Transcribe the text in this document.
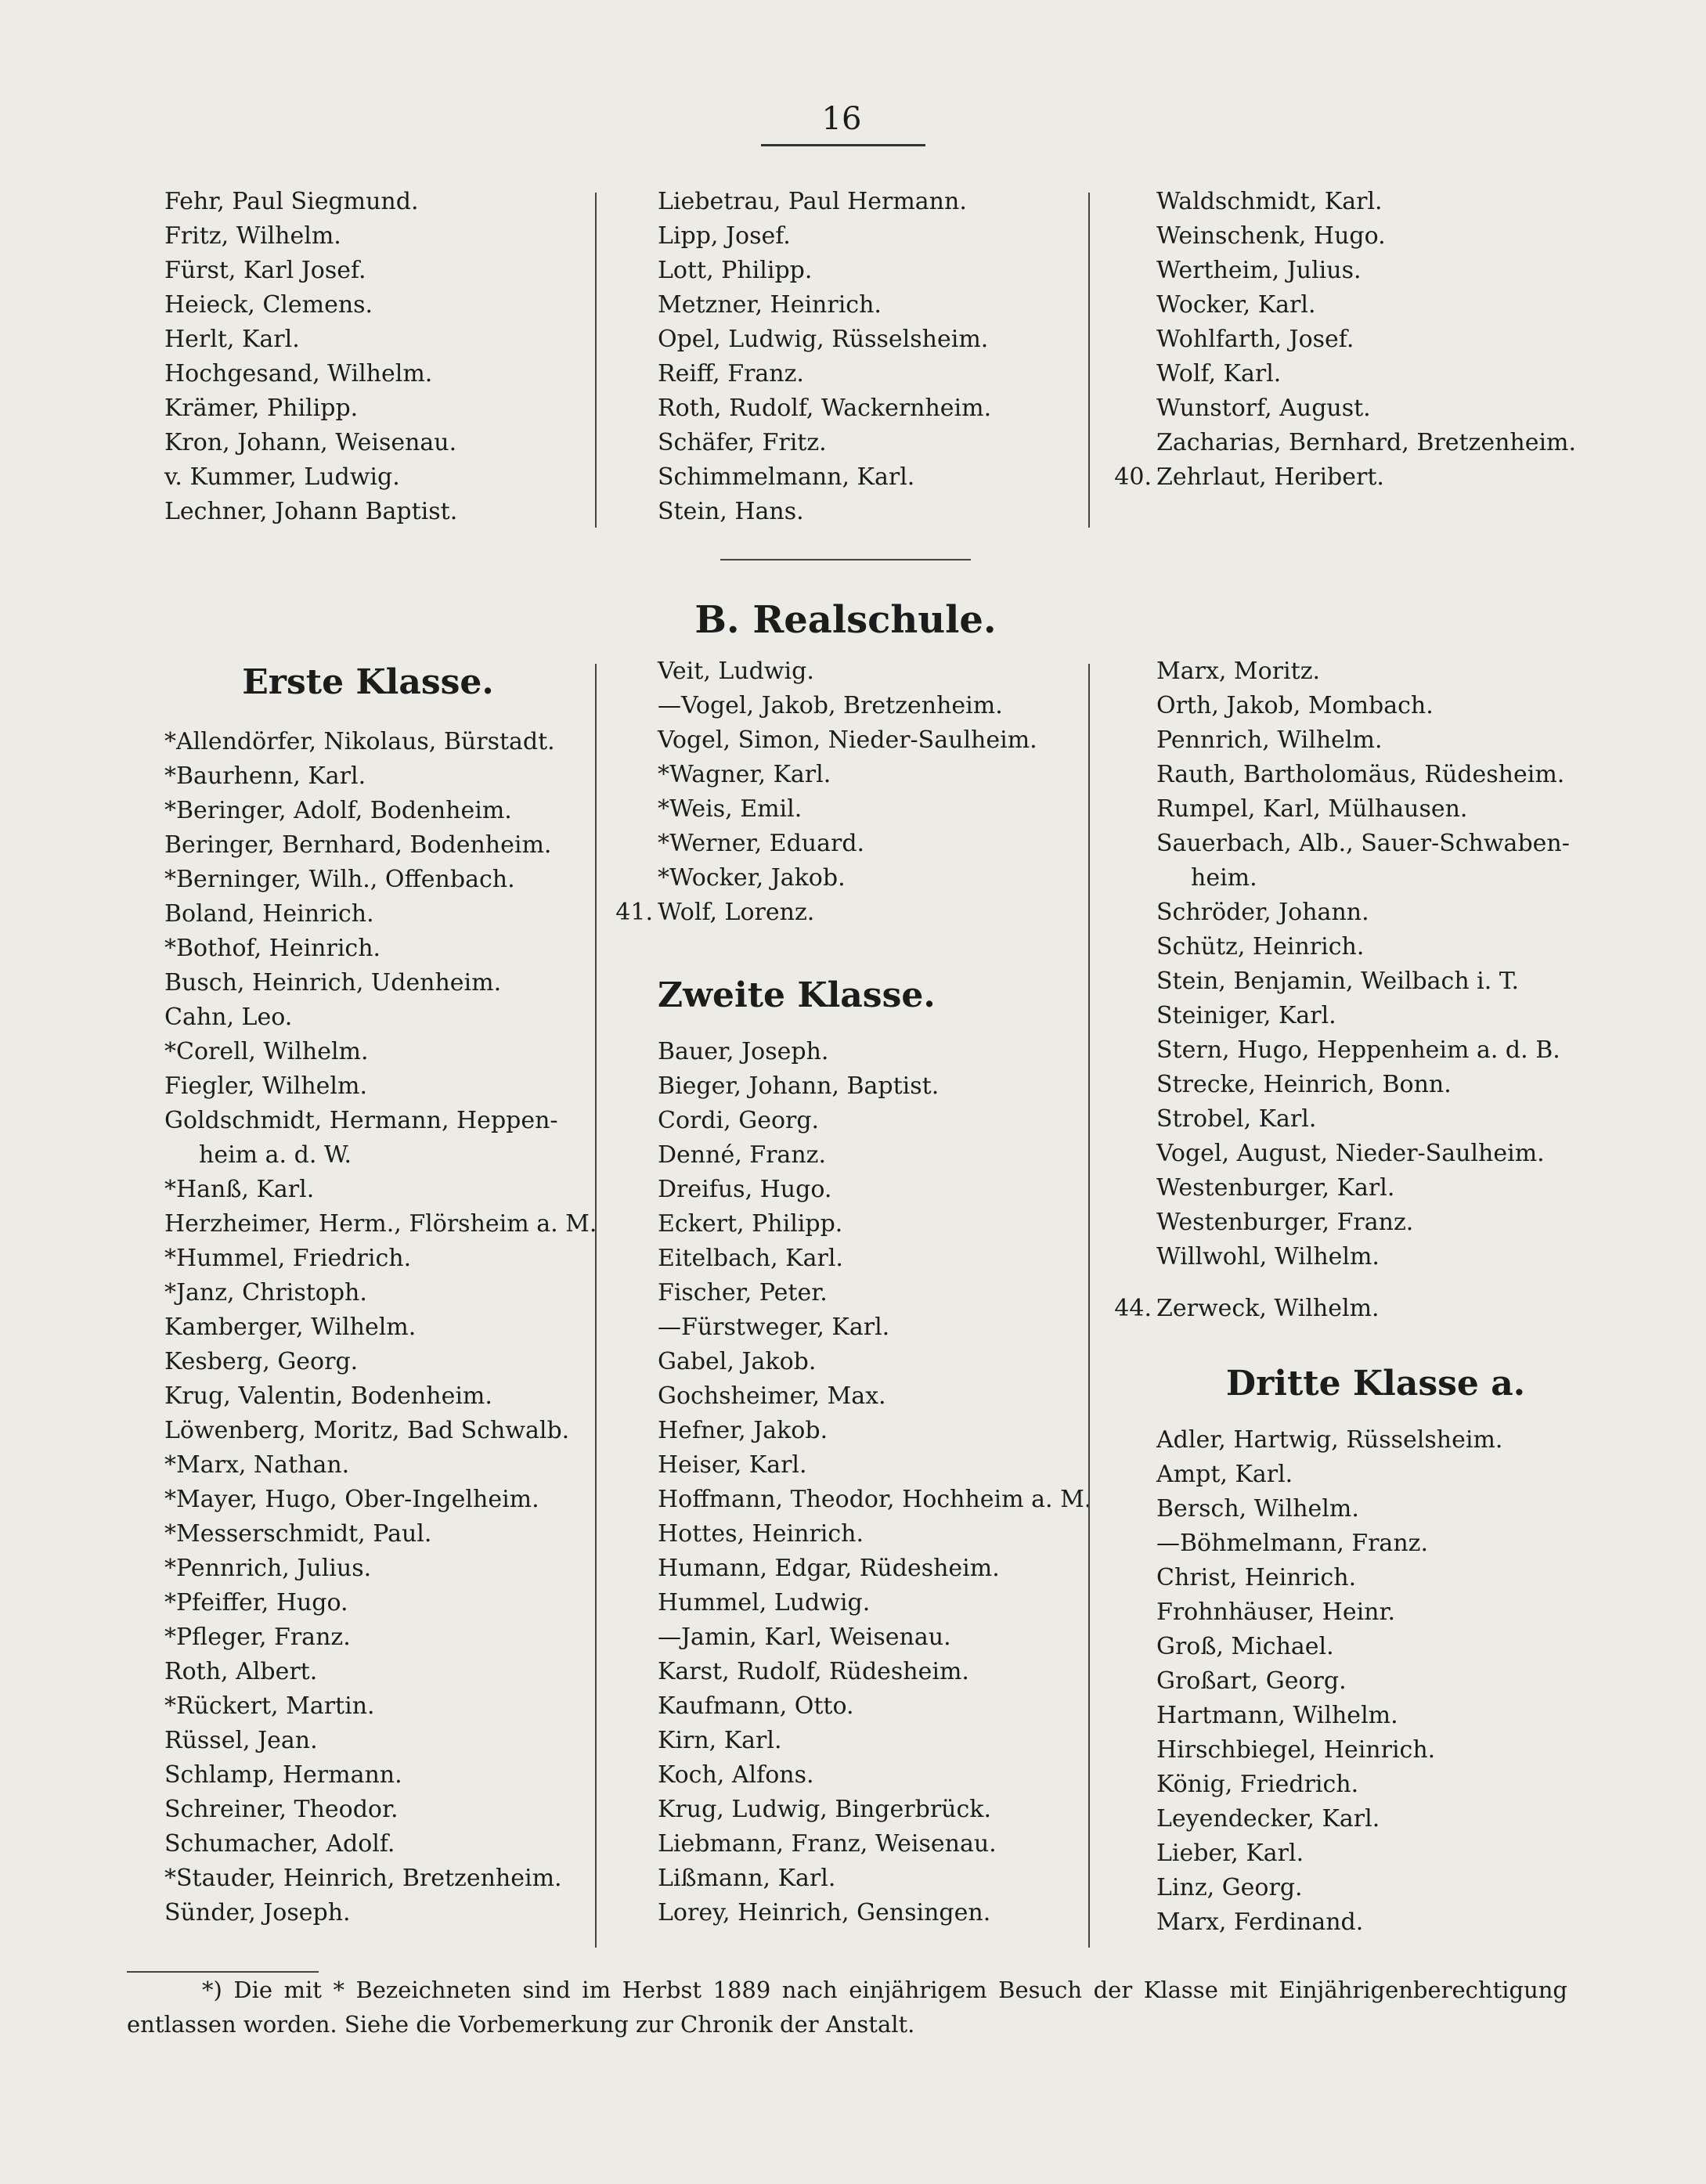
16
Fehr, Paul Siegmund.
Fritz, Wilhelm.
Fürst, Karl Josef.
Heieck, Clemens.
Herlt, Karl.
Hochgesand, Wilhelm.
Krämer, Philipp.
Kron, Johann, Weisenau.
v. Kummer, Ludwig.
Lechner, Johann Baptist.
Liebetrau, Paul Hermann.
Lipp, Josef.
Lott, Philipp.
Metzner, Heinrich.
Opel, Ludwig, Rüsselsheim.
Reiff, Franz.
Roth, Rudolf, Wackernheim.
Schäfer, Fritz.
Schimmelmann, Karl.
Stein, Hans.
40. Zehrlaut, Heribert.
Waldschmidt, Karl.
Weinschenk, Hugo.
Wertheim, Julius.
Wocker, Karl.
Wohlfarth, Josef.
Wolf, Karl.
Wunstorf, August.
Zacharias, Bernhard, Bretzenheim.
B. Realschule.
Erste Klasse.
*Allendörfer, Nikolaus, Bürstadt.
*Baurhenn, Karl.
*Beringer, Adolf, Bodenheim.
Beringer, Bernhard, Bodenheim.
*Berninger, Wilh., Offenbach.
Boland, Heinrich.
*Bothof, Heinrich.
Busch, Heinrich, Udenheim.
Cahn, Leo.
*Corell, Wilhelm.
Fiegler, Wilhelm.
Goldschmidt, Hermann, Heppen-
heim a. d. W.
*Hanß, Karl.
Herzheimer, Herm., Flörsheim a. M.
*Hummel, Friedrich.
*Janz, Christoph.
Kamberger, Wilhelm.
Kesberg, Georg.
Krug, Valentin, Bodenheim.
Löwenberg, Moritz, Bad Schwalb.
*Marx, Nathan.
*Mayer, Hugo, Ober-Ingelheim.
*Messerschmidt, Paul.
*Pennrich, Julius.
*Pfeiffer, Hugo.
*Pfleger, Franz.
Roth, Albert.
*Rückert, Martin.
Rüssel, Jean.
Schlamp, Hermann.
Schreiner, Theodor.
Schumacher, Adolf.
*Stauder, Heinrich, Bretzenheim.
Sünder, Joseph.
41. Wolf, Lorenz.
Veit, Ludwig.
—Vogel, Jakob, Bretzenheim.
Vogel, Simon, Nieder-Saulheim.
*Wagner, Karl.
*Weis, Emil.
*Werner, Eduard.
*Wocker, Jakob.
Zweite Klasse.
Bauer, Joseph.
Bieger, Johann, Baptist.
Cordi, Georg.
Denné, Franz.
Dreifus, Hugo.
Eckert, Philipp.
Eitelbach, Karl.
Fischer, Peter.
—Fürstweger, Karl.
Gabel, Jakob.
Gochsheimer, Max.
Hefner, Jakob.
Heiser, Karl.
Hoffmann, Theodor, Hochheim a. M.
Hottes, Heinrich.
Humann, Edgar, Rüdesheim.
Hummel, Ludwig.
—Jamin, Karl, Weisenau.
Karst, Rudolf, Rüdesheim.
Kaufmann, Otto.
Kirn, Karl.
Koch, Alfons.
Krug, Ludwig, Bingerbrück.
Liebmann, Franz, Weisenau.
Lißmann, Karl.
Lorey, Heinrich, Gensingen.
44. Zerweck, Wilhelm.
Marx, Moritz.
Orth, Jakob, Mombach.
Pennrich, Wilhelm.
Rauth, Bartholomäus, Rüdesheim.
Rumpel, Karl, Mülhausen.
Sauerbach, Alb., Sauer-Schwaben-
heim.
Schröder, Johann.
Schütz, Heinrich.
Stein, Benjamin, Weilbach i. T.
Steiniger, Karl.
Stern, Hugo, Heppenheim a. d. B.
Strecke, Heinrich, Bonn.
Strobel, Karl.
Vogel, August, Nieder-Saulheim.
Westenburger, Karl.
Westenburger, Franz.
Willwohl, Wilhelm.
Dritte Klasse a.
Adler, Hartwig, Rüsselsheim.
Ampt, Karl.
Bersch, Wilhelm.
—Böhmelmann, Franz.
Christ, Heinrich.
Frohnhäuser, Heinr.
Groß, Michael.
Großart, Georg.
Hartmann, Wilhelm.
Hirschbiegel, Heinrich.
König, Friedrich.
Leyendecker, Karl.
Lieber, Karl.
Linz, Georg.
Marx, Ferdinand.
*) Die mit * Bezeichneten sind im Herbst 1889 nach einjährigem Besuch der Klasse mit Einjährigenberechtigung
entlassen worden. Siehe die Vorbemerkung zur Chronik der Anstalt.
